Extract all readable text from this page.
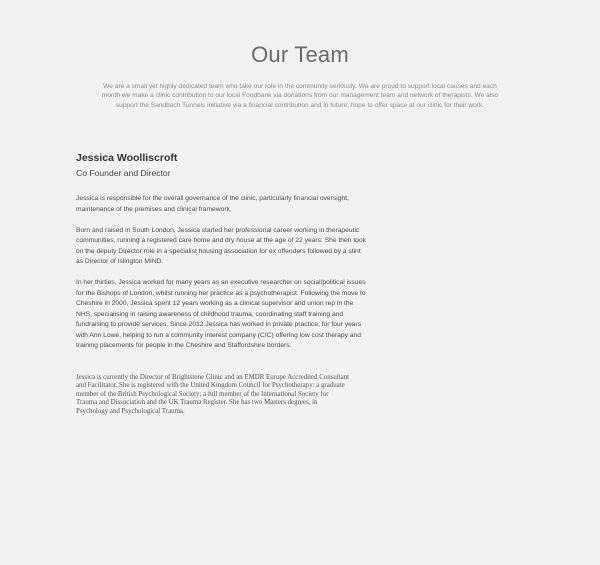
Our Team

We are a small yet highly dedicated team who take our role in the community seriously. We are proud to support local causes and each month we make a clinic contribution to our local Foodbank via donations from our management team and network of therapists. We also support the Sandbach Tunnels initiative via a financial contribution and in future, hope to offer space at our clinic for their work.

Jessica Woolliscroft
Co Founder and Director

Jessica is responsible for the overall governance of the clinic, particularly financial oversight, maintenance of the premises and clinical framework.

Born and raised in South London, Jessica started her professional career working in therapeutic communities, running a registered care home and dry house at the age of 22 years. She then took on the deputy Director role in a specialist housing association for ex offenders followed by a stint as Director of Islington MIND.

In her thirties, Jessica worked for many years as an executive researcher on social/political issues for the Bishops of London, whilst running her practice as a psychotherapist. Following the move to Cheshire in 2000, Jessica spent 12 years working as a clinical supervisor and union rep in the NHS, specialising in raising awareness of childhood trauma, coordinating staff training and fundraising to provide services. Since 2012 Jessica has worked in private practice, for four years with Ann Lowe, helping to run a community interest company (CIC) offering low cost therapy and training placements for people in the Cheshire and Staffordshire borders.

Jessica is currently the Director of Brightstone Clinic and an EMDR Europe Accredited Consultant and Facilitator. She is registered with the United Kingdom Council for Psychotherapy: a graduate member of the British Psychological Society; a full member of the International Society for Trauma and Dissociation and the UK Trauma Register. She has two Masters degrees, in Psychology and Psychological Trauma.
